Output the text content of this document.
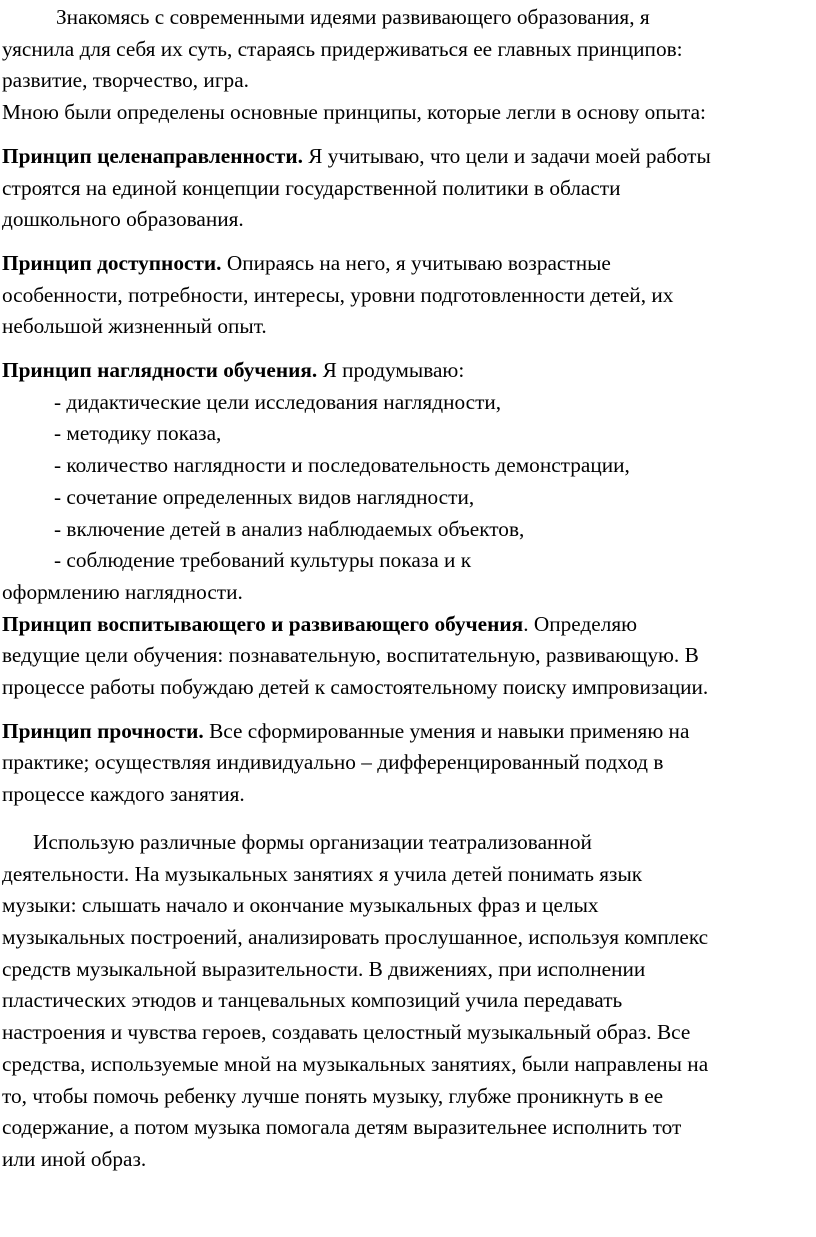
Знакомясь с современными идеями развивающего образования, я

уяснила для себя их суть, стараясь придерживаться ее главных принципов:

развитие, творчество, игра.

Мною были определены основные принципы, которые легли в основу опыта:

Принцип целенаправленности. Я учитываю, что цели и задачи моей работы

строятся на единой концепции государственной политики в области

дошкольного образования.

Принцип доступности. Опираясь на него, я учитываю возрастные

особенности, потребности, интересы, уровни подготовленности детей, их

небольшой жизненный опыт.

Принцип наглядности обучения. Я продумываю:

- дидактические цели исследования наглядности,

- методику показа,

- количество наглядности и последовательность демонстрации,

- сочетание определенных видов наглядности,

- включение детей в анализ наблюдаемых объектов,

- соблюдение требований культуры показа и к

оформлению наглядности.

Принцип воспитывающего и развивающего обучения. Определяю

ведущие цели обучения: познавательную, воспитательную, развивающую. В

процессе работы побуждаю детей к самостоятельному поиску импровизации.

Принцип прочности. Все сформированные умения и навыки применяю на

практике; осуществляя индивидуально – дифференцированный подход в

процессе каждого занятия.

Использую различные формы организации театрализованной

деятельности. На музыкальных занятиях я учила детей понимать язык

музыки: слышать начало и окончание музыкальных фраз и целых

музыкальных построений, анализировать прослушанное, используя комплекс

средств музыкальной выразительности. В движениях, при исполнении

пластических этюдов и танцевальных композиций учила передавать

настроения и чувства героев, создавать целостный музыкальный образ. Все

средства, используемые мной на музыкальных занятиях, были направлены на

то, чтобы помочь ребенку лучше понять музыку, глубже проникнуть в ее

содержание, а потом музыка помогала детям выразительнее исполнить тот

или иной образ.
